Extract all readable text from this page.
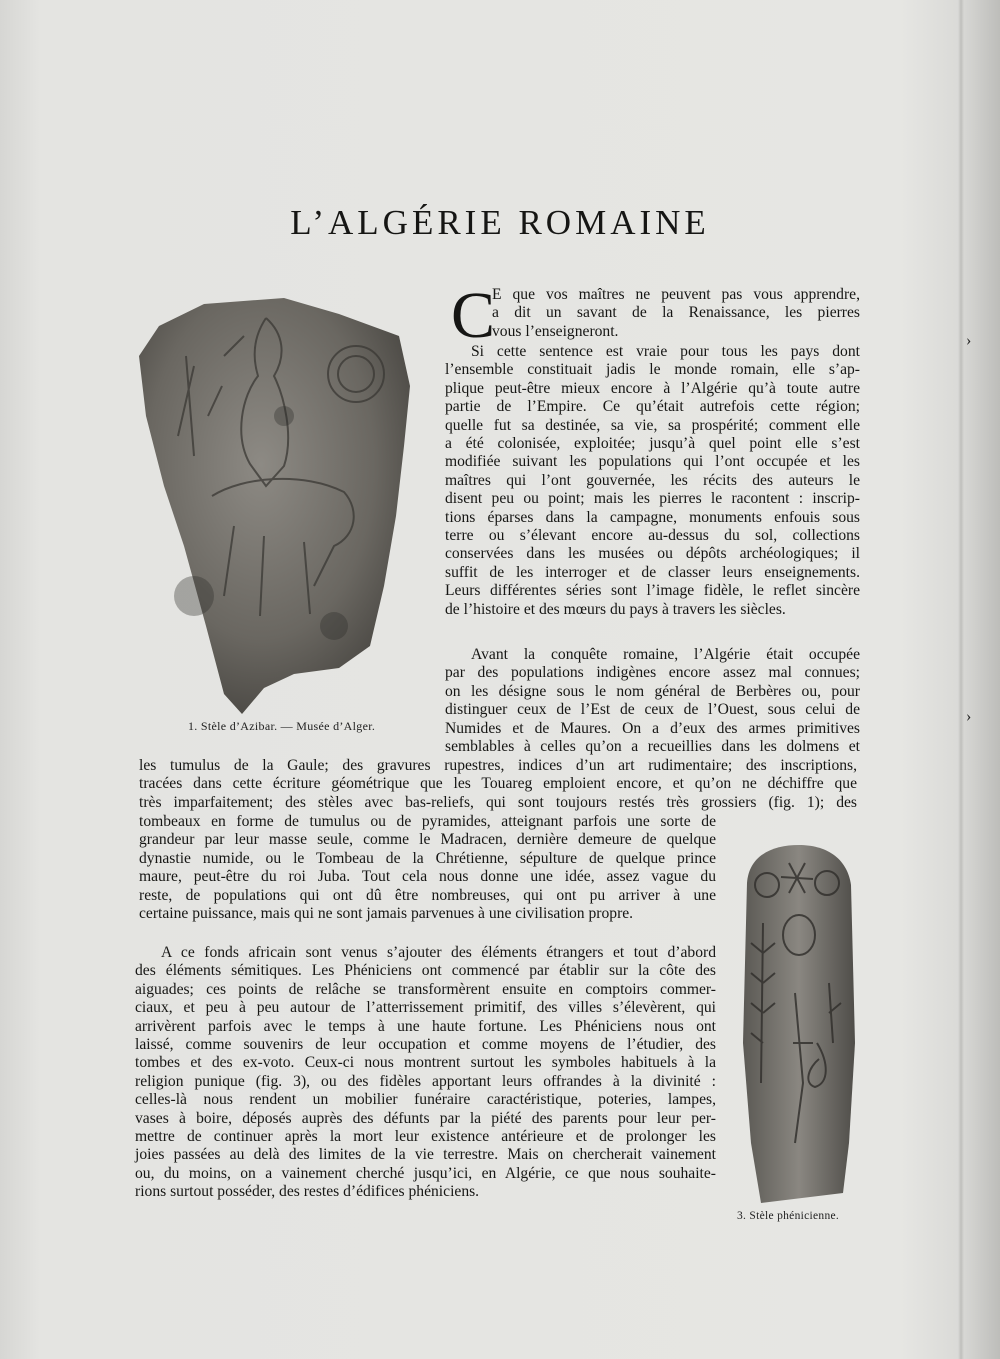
›
›
L’ALGÉRIE ROMAINE
1. Stèle d’Azibar. — Musée d’Alger.
3. Stèle phénicienne.
C
E que vos maîtres ne peuvent pas vous apprendre,
a dit un savant de la Renaissance, les pierres
vous l’enseigneront.
Si cette sentence est vraie pour tous les pays dont
l’ensemble constituait jadis le monde romain, elle s’ap-
plique peut-être mieux encore à l’Algérie qu’à toute autre
partie de l’Empire. Ce qu’était autrefois cette région;
quelle fut sa destinée, sa vie, sa prospérité; comment elle
a été colonisée, exploitée; jusqu’à quel point elle s’est
modifiée suivant les populations qui l’ont occupée et les
maîtres qui l’ont gouvernée, les récits des auteurs le
disent peu ou point; mais les pierres le racontent : inscrip-
tions éparses dans la campagne, monuments enfouis sous
terre ou s’élevant encore au-dessus du sol, collections
conservées dans les musées ou dépôts archéologiques; il
suffit de les interroger et de classer leurs enseignements.
Leurs différentes séries sont l’image fidèle, le reflet sincère
de l’histoire et des mœurs du pays à travers les siècles.
Avant la conquête romaine, l’Algérie était occupée
par des populations indigènes encore assez mal connues;
on les désigne sous le nom général de Berbères ou, pour
distinguer ceux de l’Est de ceux de l’Ouest, sous celui de
Numides et de Maures. On a d’eux des armes primitives
semblables à celles qu’on a recueillies dans les dolmens et
les tumulus de la Gaule; des gravures rupestres, indices d’un art rudimentaire; des inscriptions,
tracées dans cette écriture géométrique que les Touareg emploient encore, et qu’on ne déchiffre que
très imparfaitement; des stèles avec bas-reliefs, qui sont toujours restés très grossiers (fig. 1); des
tombeaux en forme de tumulus ou de pyramides, atteignant parfois une sorte de
grandeur par leur masse seule, comme le Madracen, dernière demeure de quelque
dynastie numide, ou le Tombeau de la Chrétienne, sépulture de quelque prince
maure, peut-être du roi Juba. Tout cela nous donne une idée, assez vague du
reste, de populations qui ont dû être nombreuses, qui ont pu arriver à une
certaine puissance, mais qui ne sont jamais parvenues à une civilisation propre.
A ce fonds africain sont venus s’ajouter des éléments étrangers et tout d’abord
des éléments sémitiques. Les Phéniciens ont commencé par établir sur la côte des
aiguades; ces points de relâche se transformèrent ensuite en comptoirs commer-
ciaux, et peu à peu autour de l’atterrissement primitif, des villes s’élevèrent, qui
arrivèrent parfois avec le temps à une haute fortune. Les Phéniciens nous ont
laissé, comme souvenirs de leur occupation et comme moyens de l’étudier, des
tombes et des ex-voto. Ceux-ci nous montrent surtout les symboles habituels à la
religion punique (fig. 3), ou des fidèles apportant leurs offrandes à la divinité :
celles-là nous rendent un mobilier funéraire caractéristique, poteries, lampes,
vases à boire, déposés auprès des défunts par la piété des parents pour leur per-
mettre de continuer après la mort leur existence antérieure et de prolonger les
joies passées au delà des limites de la vie terrestre. Mais on chercherait vainement
ou, du moins, on a vainement cherché jusqu’ici, en Algérie, ce que nous souhaite-
rions surtout posséder, des restes d’édifices phéniciens.
